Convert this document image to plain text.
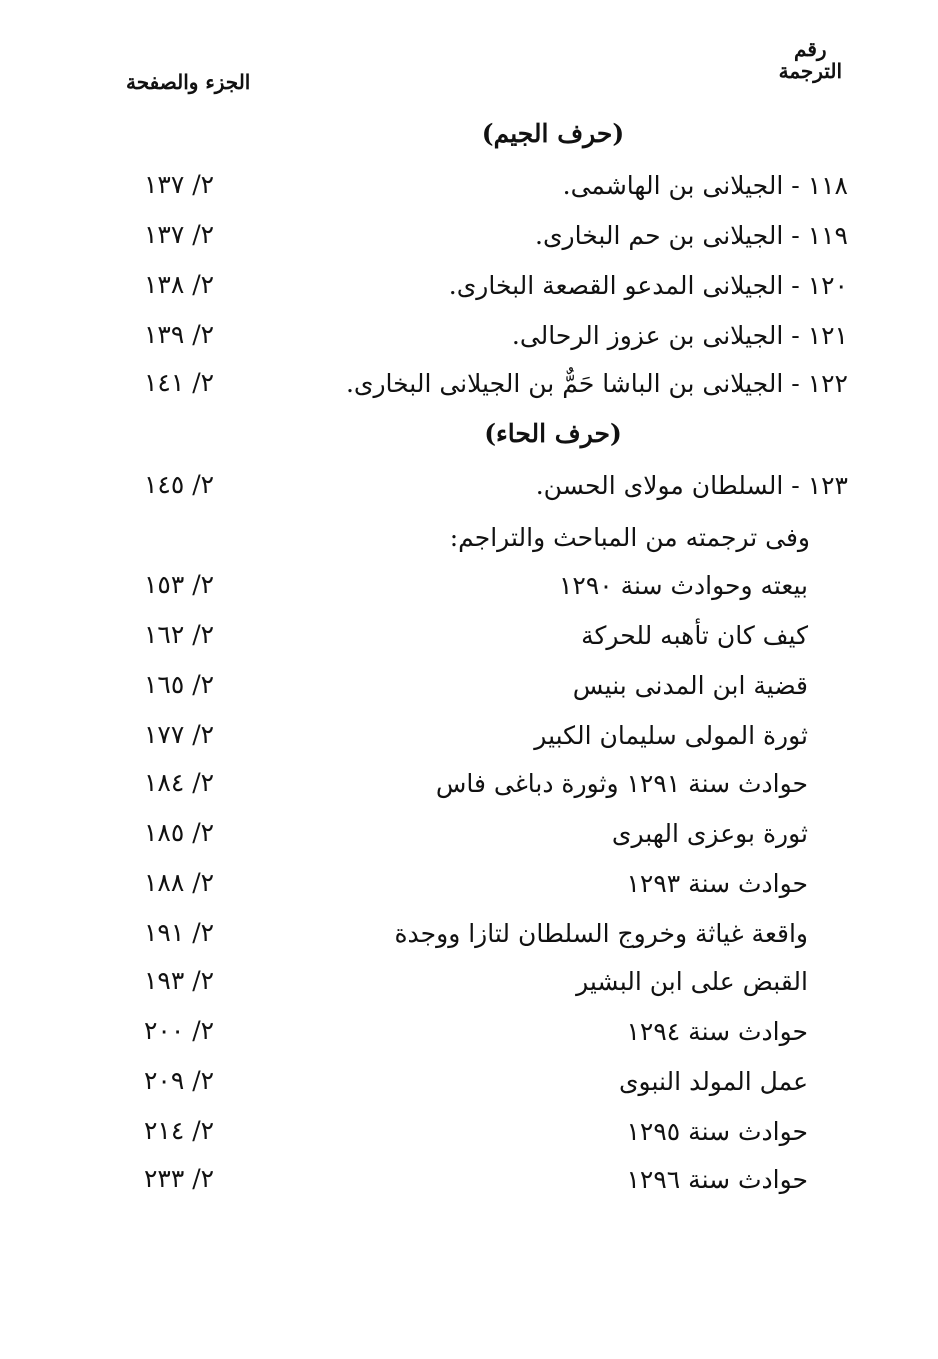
رقم
الترجمة
الجزء والصفحة
(حرف الجيم)
١١٨ - الجيلانى بن الهاشمى.
٢/ ١٣٧
١١٩ - الجيلانى بن حم البخارى.
٢/ ١٣٧
١٢٠ - الجيلانى المدعو القصعة البخارى.
٢/ ١٣٨
١٢١ - الجيلانى بن عزوز الرحالى.
٢/ ١٣٩
١٢٢ - الجيلانى بن الباشا حَمٌّ بن الجيلانى البخارى.
٢/ ١٤١
(حرف الحاء)
١٢٣ - السلطان مولاى الحسن.
٢/ ١٤٥
وفى ترجمته من المباحث والتراجم:
بيعته وحوادث سنة ١٢٩٠
٢/ ١٥٣
كيف كان تأهبه للحركة
٢/ ١٦٢
قضية ابن المدنى بنيس
٢/ ١٦٥
ثورة المولى سليمان الكبير
٢/ ١٧٧
حوادث سنة ١٢٩١ وثورة دباغى فاس
٢/ ١٨٤
ثورة بوعزى الهبرى
٢/ ١٨٥
حوادث سنة ١٢٩٣
٢/ ١٨٨
واقعة غياثة وخروج السلطان لتازا ووجدة
٢/ ١٩١
القبض على ابن البشير
٢/ ١٩٣
حوادث سنة ١٢٩٤
٢/ ٢٠٠
عمل المولد النبوى
٢/ ٢٠٩
حوادث سنة ١٢٩٥
٢/ ٢١٤
حوادث سنة ١٢٩٦
٢/ ٢٣٣
